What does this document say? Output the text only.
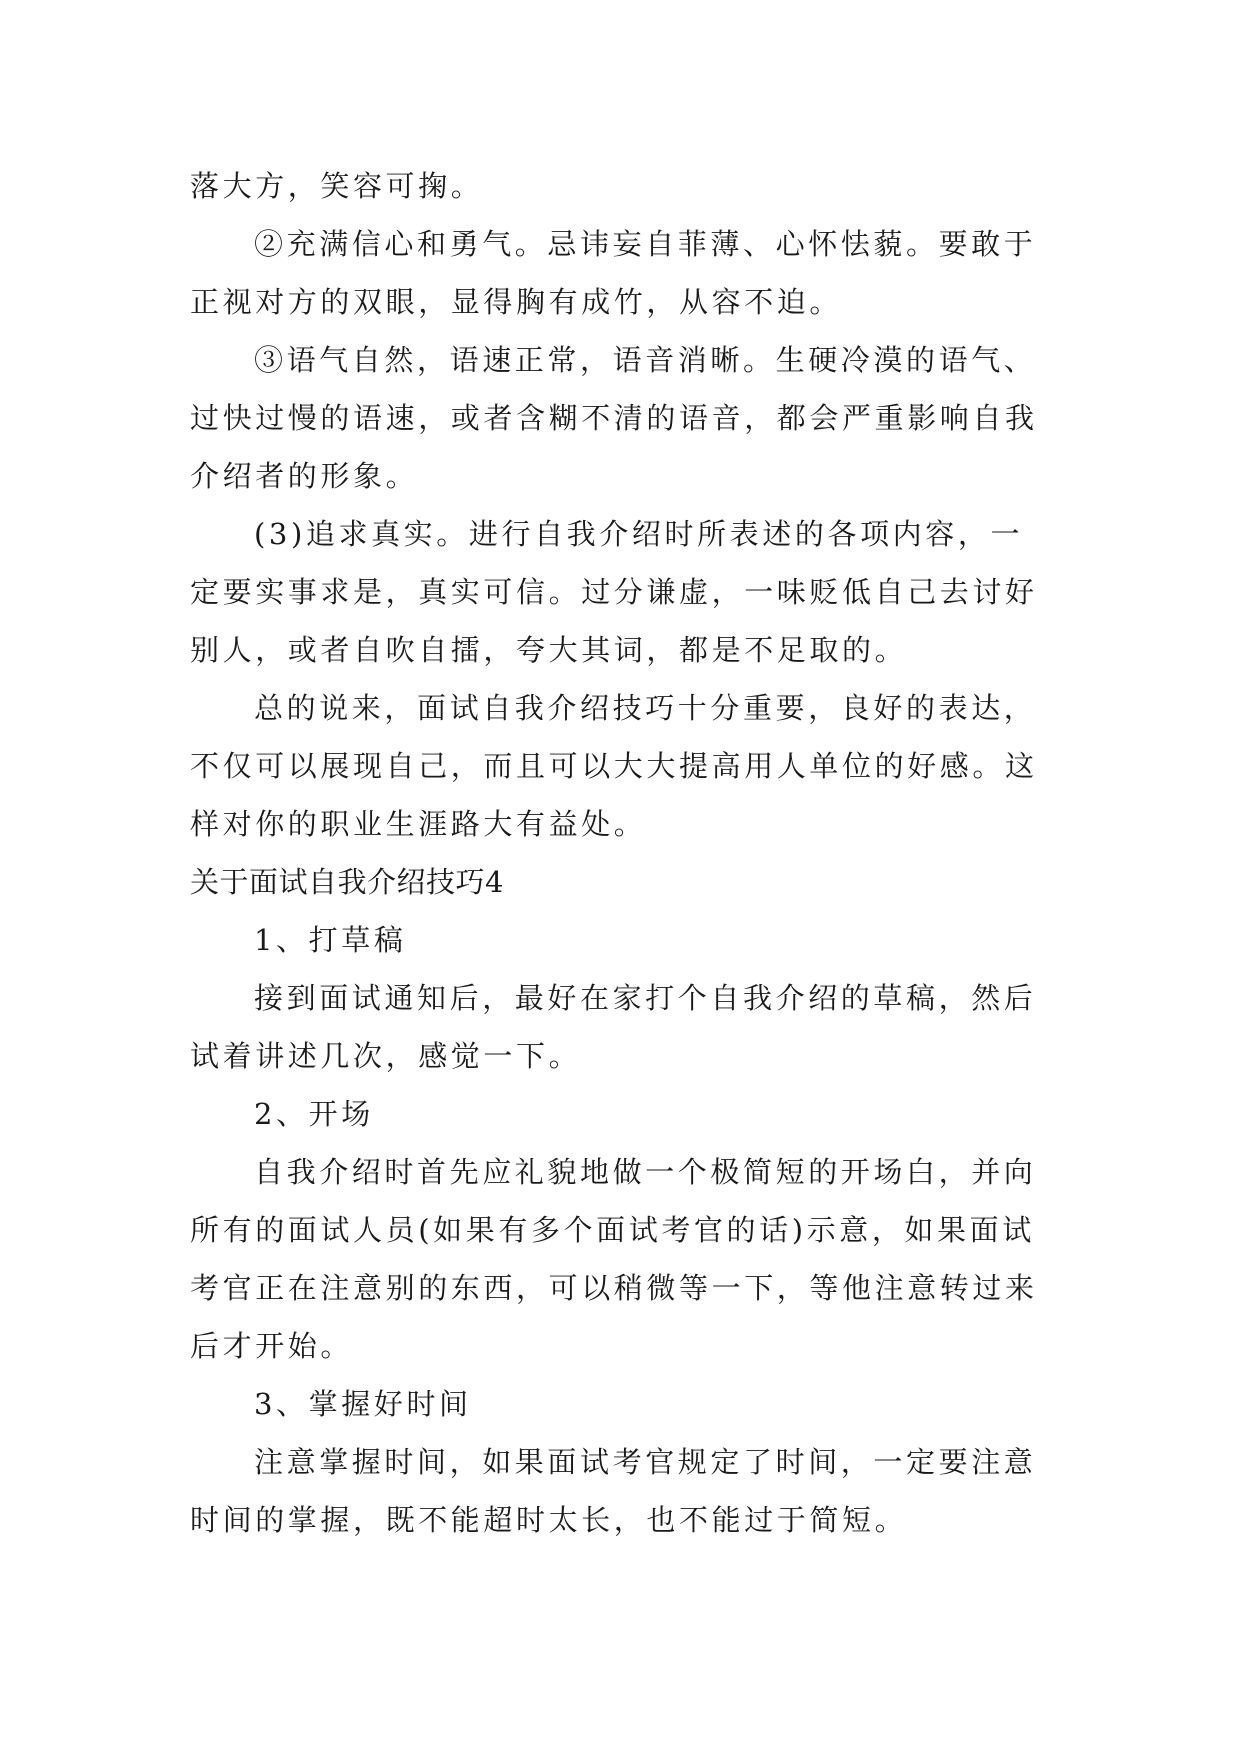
落大方，笑容可掬。
②充满信心和勇气。忌讳妄自菲薄、心怀怯藐。要敢于
正视对方的双眼，显得胸有成竹，从容不迫。
③语气自然，语速正常，语音消晰。生硬冷漠的语气、
过快过慢的语速，或者含糊不清的语音，都会严重影响自我
介绍者的形象。
(3)追求真实。进行自我介绍时所表述的各项内容，一
定要实事求是，真实可信。过分谦虚，一味贬低自己去讨好
别人，或者自吹自擂，夸大其词，都是不足取的。
总的说来，面试自我介绍技巧十分重要，良好的表达，
不仅可以展现自己，而且可以大大提高用人单位的好感。这
样对你的职业生涯路大有益处。
关于面试自我介绍技巧4
1、打草稿
接到面试通知后，最好在家打个自我介绍的草稿，然后
试着讲述几次，感觉一下。
2、开场
自我介绍时首先应礼貌地做一个极简短的开场白，并向
所有的面试人员(如果有多个面试考官的话)示意，如果面试
考官正在注意别的东西，可以稍微等一下，等他注意转过来
后才开始。
3、掌握好时间
注意掌握时间，如果面试考官规定了时间，一定要注意
时间的掌握，既不能超时太长，也不能过于简短。
